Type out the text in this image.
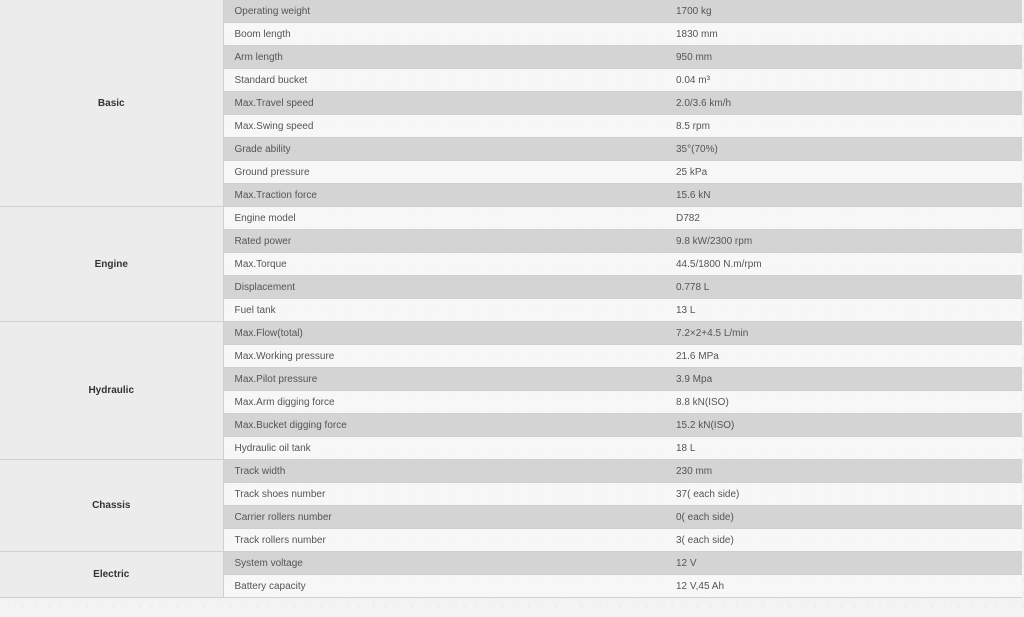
Basic	Operating weight	1700 kg
	Boom length	1830 mm
	Arm length	950 mm
	Standard bucket	0.04 m³
	Max.Travel speed	2.0/3.6 km/h
	Max.Swing speed	8.5 rpm
	Grade ability	35°(70%)
	Ground pressure	25 kPa
	Max.Traction force	15.6 kN
Engine	Engine model	D782
	Rated power	9.8 kW/2300 rpm
	Max.Torque	44.5/1800 N.m/rpm
	Displacement	0.778 L
	Fuel tank	13 L
Hydraulic	Max.Flow(total)	7.2×2+4.5 L/min
	Max.Working pressure	21.6 MPa
	Max.Pilot pressure	3.9 Mpa
	Max.Arm digging force	8.8 kN(ISO)
	Max.Bucket digging force	15.2 kN(ISO)
	Hydraulic oil tank	18 L
Chassis	Track width	230 mm
	Track shoes number	37( each side)
	Carrier rollers number	0( each side)
	Track rollers number	3( each side)
Electric	System voltage	12 V
	Battery capacity	12 V,45 Ah
